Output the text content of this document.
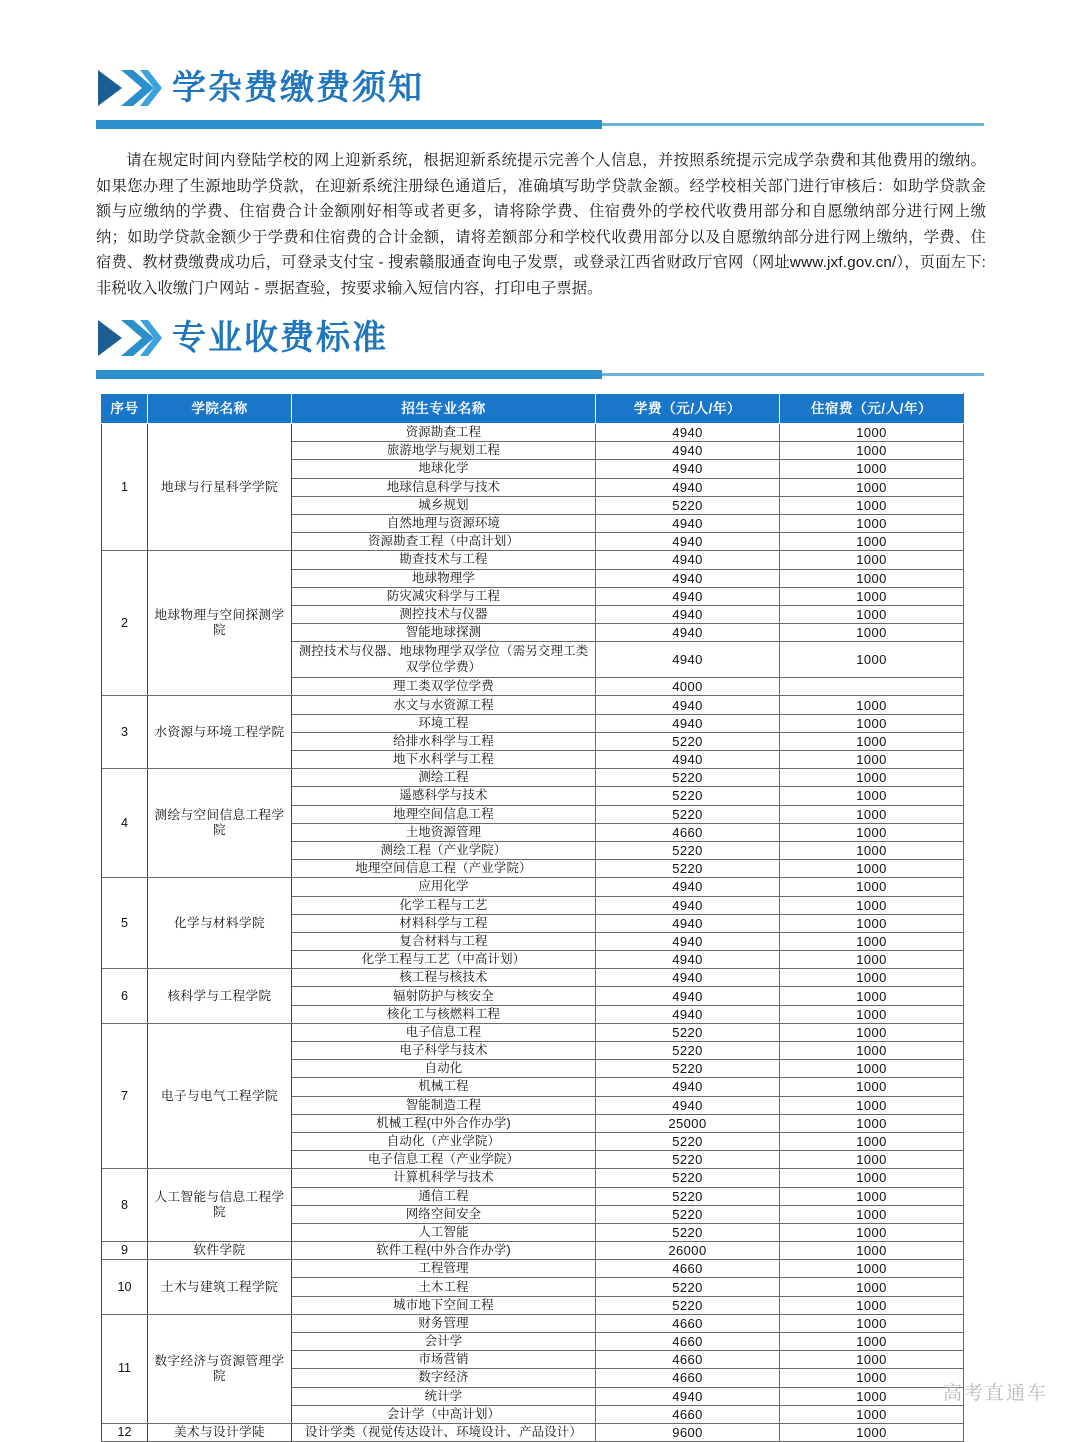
学杂费缴费须知

请在规定时间内登陆学校的网上迎新系统，根据迎新系统提示完善个人信息，并按照系统提示完成学杂费和其他费用的缴纳。如果您办理了生源地助学贷款，在迎新系统注册绿色通道后，准确填写助学贷款金额。经学校相关部门进行审核后：如助学贷款金额与应缴纳的学费、住宿费合计金额刚好相等或者更多，请将除学费、住宿费外的学校代收费用部分和自愿缴纳部分进行网上缴纳；如助学贷款金额少于学费和住宿费的合计金额，请将差额部分和学校代收费用部分以及自愿缴纳部分进行网上缴纳，学费、住宿费、教材费缴费成功后，可登录支付宝 - 搜索赣服通查询电子发票，或登录江西省财政厅官网（网址www.jxf.gov.cn/），页面左下:非税收入收缴门户网站 - 票据查验，按要求输入短信内容，打印电子票据。

专业收费标准
序号	学院名称	招生专业名称	学费（元/人/年）	住宿费（元/人/年）
1	地球与行星科学学院	资源勘查工程	4940	1000
		旅游地学与规划工程	4940	1000
		地球化学	4940	1000
		地球信息科学与技术	4940	1000
		城乡规划	5220	1000
		自然地理与资源环境	4940	1000
		资源勘查工程（中高计划）	4940	1000
2	地球物理与空间探测学院	勘查技术与工程	4940	1000
		地球物理学	4940	1000
		防灾减灾科学与工程	4940	1000
		测控技术与仪器	4940	1000
		智能地球探测	4940	1000
		测控技术与仪器、地球物理学双学位（需另交理工类双学位学费）	4940	1000
		理工类双学位学费	4000	
3	水资源与环境工程学院	水文与水资源工程	4940	1000
		环境工程	4940	1000
		给排水科学与工程	5220	1000
		地下水科学与工程	4940	1000
4	测绘与空间信息工程学院	测绘工程	5220	1000
		遥感科学与技术	5220	1000
		地理空间信息工程	5220	1000
		土地资源管理	4660	1000
		测绘工程（产业学院）	5220	1000
		地理空间信息工程（产业学院）	5220	1000
5	化学与材料学院	应用化学	4940	1000
		化学工程与工艺	4940	1000
		材料科学与工程	4940	1000
		复合材料与工程	4940	1000
		化学工程与工艺（中高计划）	4940	1000
6	核科学与工程学院	核工程与核技术	4940	1000
		辐射防护与核安全	4940	1000
		核化工与核燃料工程	4940	1000
7	电子与电气工程学院	电子信息工程	5220	1000
		电子科学与技术	5220	1000
		自动化	5220	1000
		机械工程	4940	1000
		智能制造工程	4940	1000
		机械工程(中外合作办学)	25000	1000
		自动化（产业学院）	5220	1000
		电子信息工程（产业学院）	5220	1000
8	人工智能与信息工程学院	计算机科学与技术	5220	1000
		通信工程	5220	1000
		网络空间安全	5220	1000
		人工智能	5220	1000
9	软件学院	软件工程(中外合作办学)	26000	1000
10	土木与建筑工程学院	工程管理	4660	1000
		土木工程	5220	1000
		城市地下空间工程	5220	1000
11	数字经济与资源管理学院	财务管理	4660	1000
		会计学	4660	1000
		市场营销	4660	1000
		数字经济	4660	1000
		统计学	4940	1000
		会计学（中高计划）	4660	1000
12	美术与设计学陡	设计学类（视觉传达设计、环境设计、产品设计）	9600	1000
高考直通车
